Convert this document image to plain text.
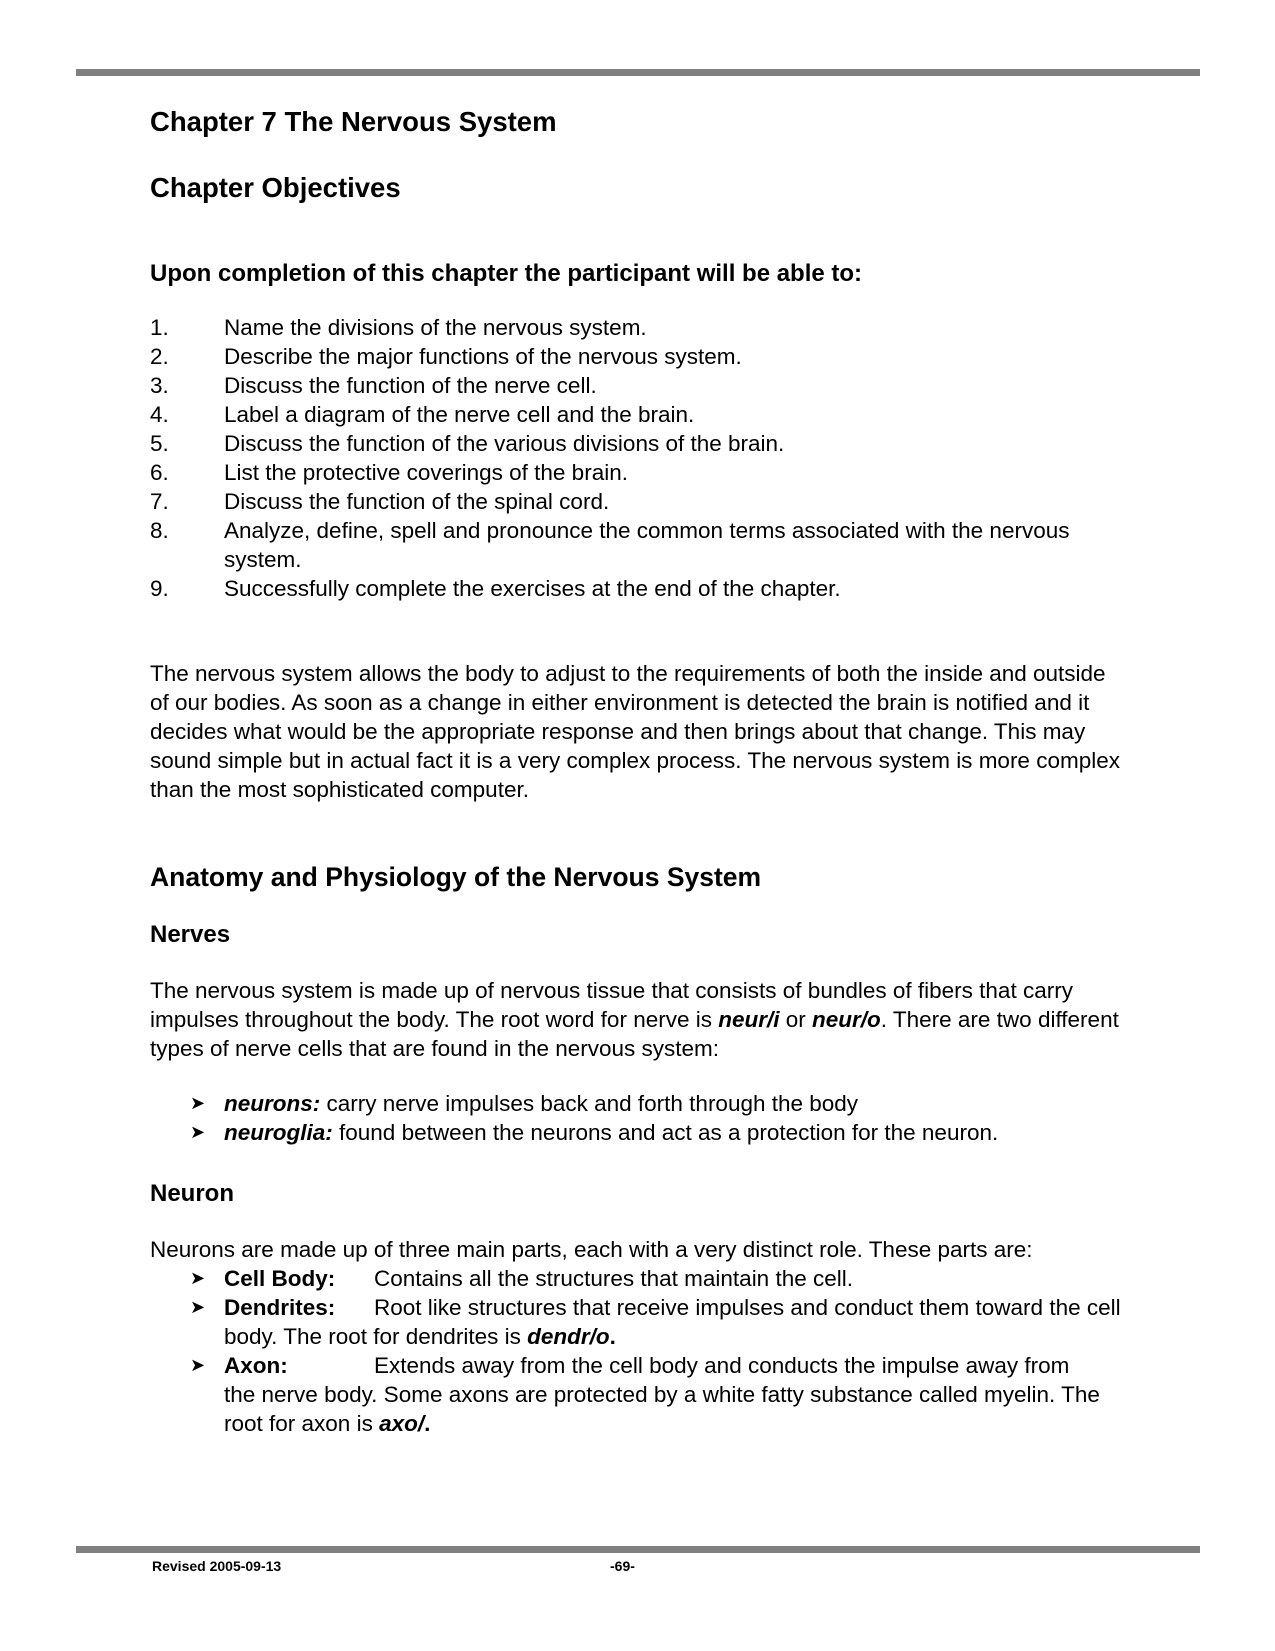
Chapter 7 The Nervous System
Chapter Objectives

Upon completion of this chapter the participant will be able to:

1.	Name the divisions of the nervous system.
2.	Describe the major functions of the nervous system.
3.	Discuss the function of the nerve cell.
4.	Label a diagram of the nerve cell and the brain.
5.	Discuss the function of the various divisions of the brain.
6.	List the protective coverings of the brain.
7.	Discuss the function of the spinal cord.
8.	Analyze, define, spell and pronounce the common terms associated with the nervous system.
9.	Successfully complete the exercises at the end of the chapter.

The nervous system allows the body to adjust to the requirements of both the inside and outside of our bodies. As soon as a change in either environment is detected the brain is notified and it decides what would be the appropriate response and then brings about that change. This may sound simple but in actual fact it is a very complex process. The nervous system is more complex than the most sophisticated computer.

Anatomy and Physiology of the Nervous System
Nerves

The nervous system is made up of nervous tissue that consists of bundles of fibers that carry impulses throughout the body. The root word for nerve is neur/i or neur/o. There are two different types of nerve cells that are found in the nervous system:

➤ neurons: carry nerve impulses back and forth through the body
➤ neuroglia: found between the neurons and act as a protection for the neuron.
Neuron

Neurons are made up of three main parts, each with a very distinct role. These parts are:

➤ Cell Body: Contains all the structures that maintain the cell.
➤ Dendrites: Root like structures that receive impulses and conduct them toward the cell body. The root for dendrites is dendr/o.
➤ Axon:	Extends away from the cell body and conducts the impulse away from the nerve body. Some axons are protected by a white fatty substance called myelin. The root for axon is axo/.
Revised 2005-09-13	-69-
